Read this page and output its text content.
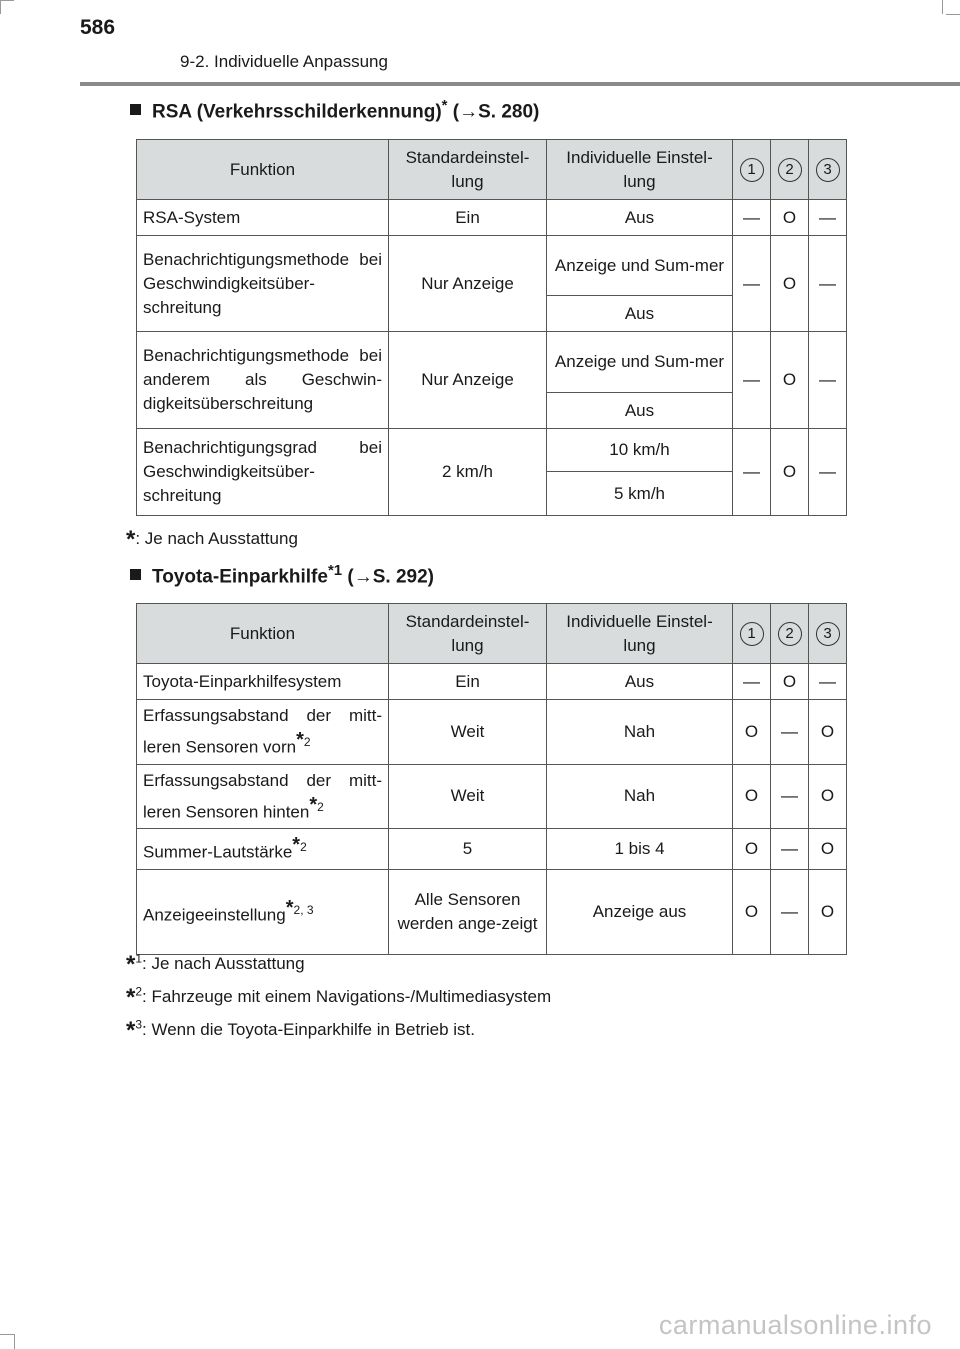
586
9-2. Individuelle Anpassung
RSA (Verkehrsschilderkennung)* (→S. 280)
Funktion	Standardeinstel-lung	Individuelle Einstel-lung	1	2	3
RSA-System	Ein	Aus	—	O	—
Benachrichtigungsmethode bei Geschwindigkeitsüber-schreitung	Nur Anzeige	Anzeige und Sum-mer	—	O	—
		Aus			
Benachrichtigungsmethode bei anderem als Geschwin-digkeitsüberschreitung	Nur Anzeige	Anzeige und Sum-mer	—	O	—
		Aus			
Benachrichtigungsgrad bei Geschwindigkeitsüber-schreitung	2 km/h	10 km/h	—	O	—
		5 km/h			
*: Je nach Ausstattung
Toyota-Einparkhilfe$^{*1}$ (→S. 292)
Funktion	Standardeinstel-lung	Individuelle Einstel-lung	1	2	3
Toyota-Einparkhilfesystem	Ein	Aus	—	O	—
Erfassungsabstand der mitt-leren Sensoren vorn$^{*2}$	Weit	Nah	O	—	O
Erfassungsabstand der mitt-leren Sensoren hinten$^{*2}$	Weit	Nah	O	—	O
Summer-Lautstärke$^{*2}$	5	1 bis 4	O	—	O
Anzeigeeinstellung$^{*2, 3}$	Alle Sensoren werden ange-zeigt	Anzeige aus	O	—	O
*$^1$: Je nach Ausstattung
*$^2$: Fahrzeuge mit einem Navigations-/Multimediasystem
*$^3$: Wenn die Toyota-Einparkhilfe in Betrieb ist.
carmanualsonline.info
